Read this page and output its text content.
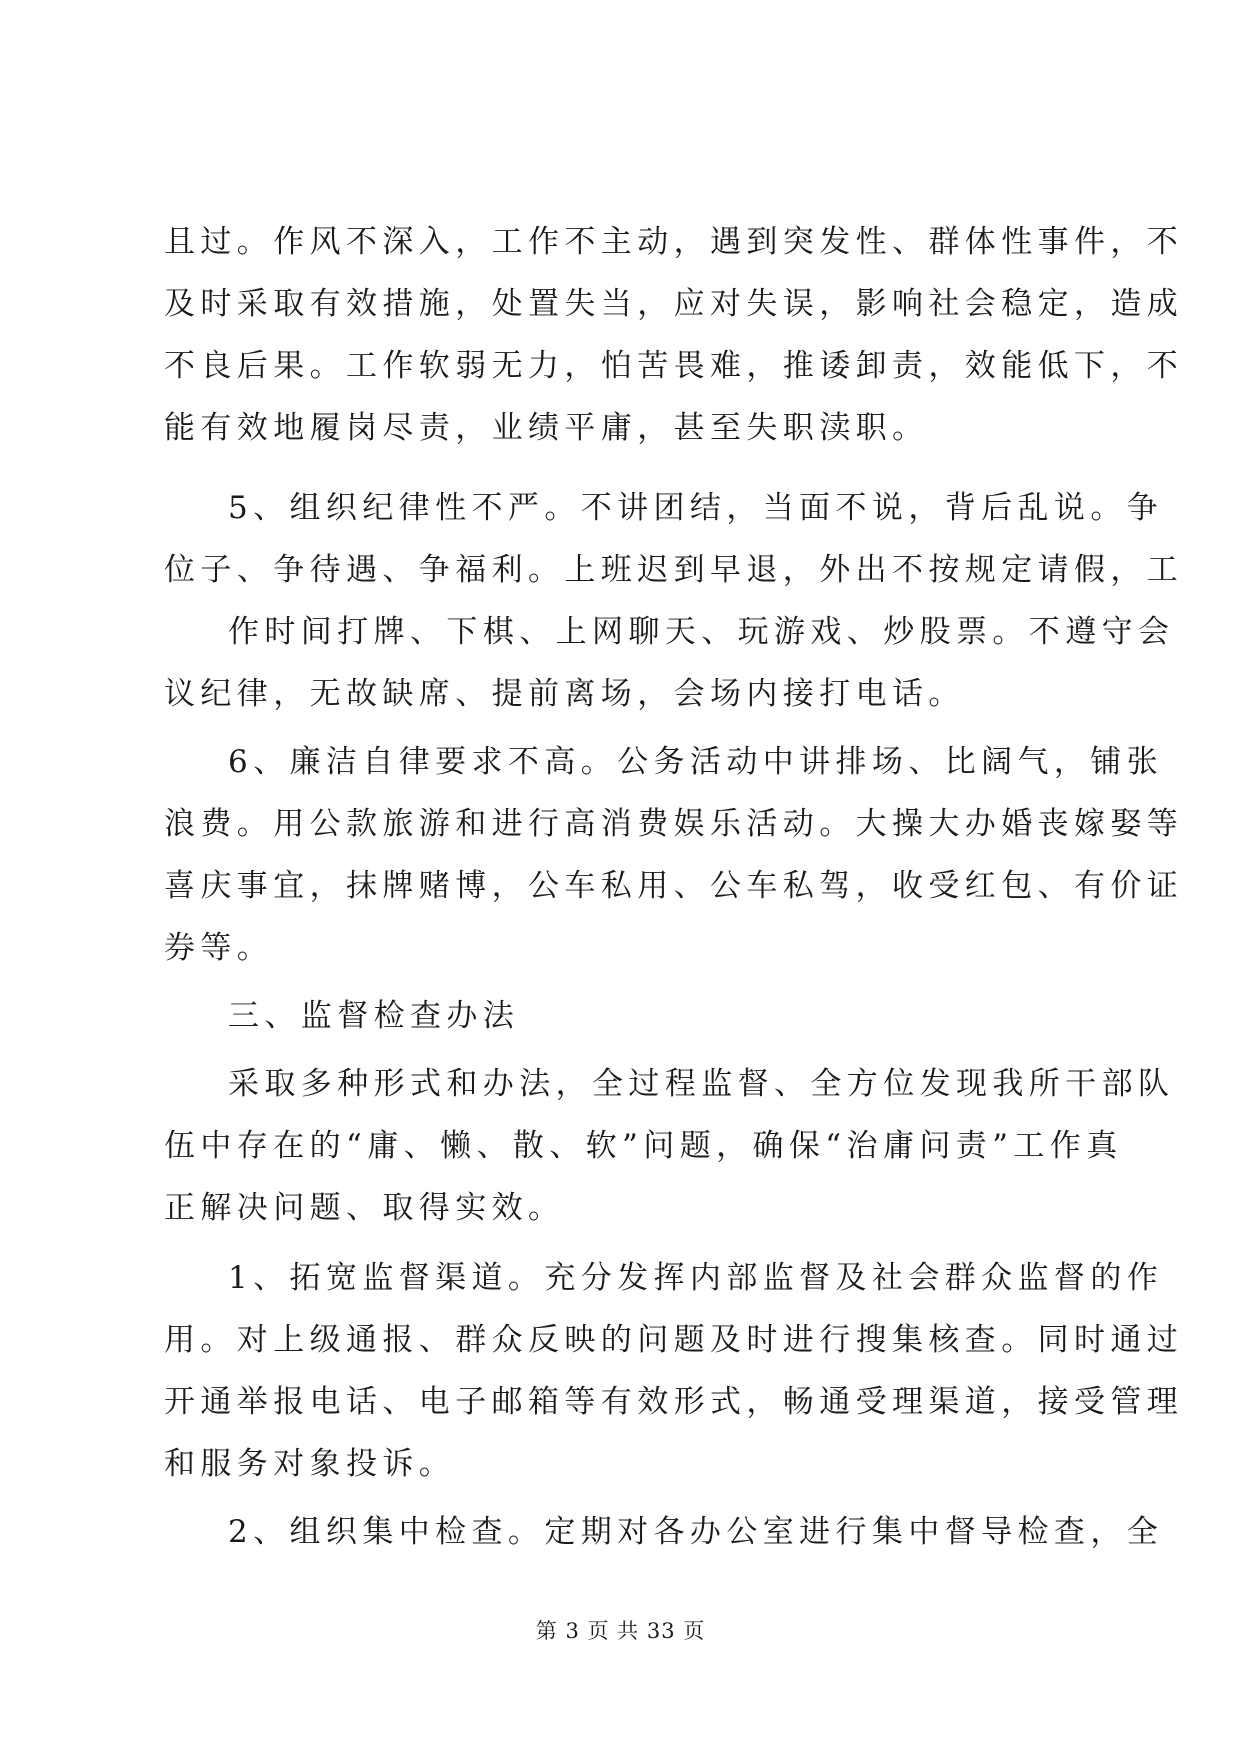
且过。作风不深入，工作不主动，遇到突发性、群体性事件，不
及时采取有效措施，处置失当，应对失误，影响社会稳定，造成
不良后果。工作软弱无力，怕苦畏难，推诿卸责，效能低下，不
能有效地履岗尽责，业绩平庸，甚至失职渎职。
5、组织纪律性不严。不讲团结，当面不说，背后乱说。争
位子、争待遇、争福利。上班迟到早退，外出不按规定请假，工
作时间打牌、下棋、上网聊天、玩游戏、炒股票。不遵守会
议纪律，无故缺席、提前离场，会场内接打电话。
6、廉洁自律要求不高。公务活动中讲排场、比阔气，铺张
浪费。用公款旅游和进行高消费娱乐活动。大操大办婚丧嫁娶等
喜庆事宜，抹牌赌博，公车私用、公车私驾，收受红包、有价证
券等。
三、监督检查办法
采取多种形式和办法，全过程监督、全方位发现我所干部队
伍中存在的“庸、懒、散、软”问题，确保“治庸问责”工作真
正解决问题、取得实效。
1、拓宽监督渠道。充分发挥内部监督及社会群众监督的作
用。对上级通报、群众反映的问题及时进行搜集核查。同时通过
开通举报电话、电子邮箱等有效形式，畅通受理渠道，接受管理
和服务对象投诉。
2、组织集中检查。定期对各办公室进行集中督导检查，全
第 3 页 共 33 页
